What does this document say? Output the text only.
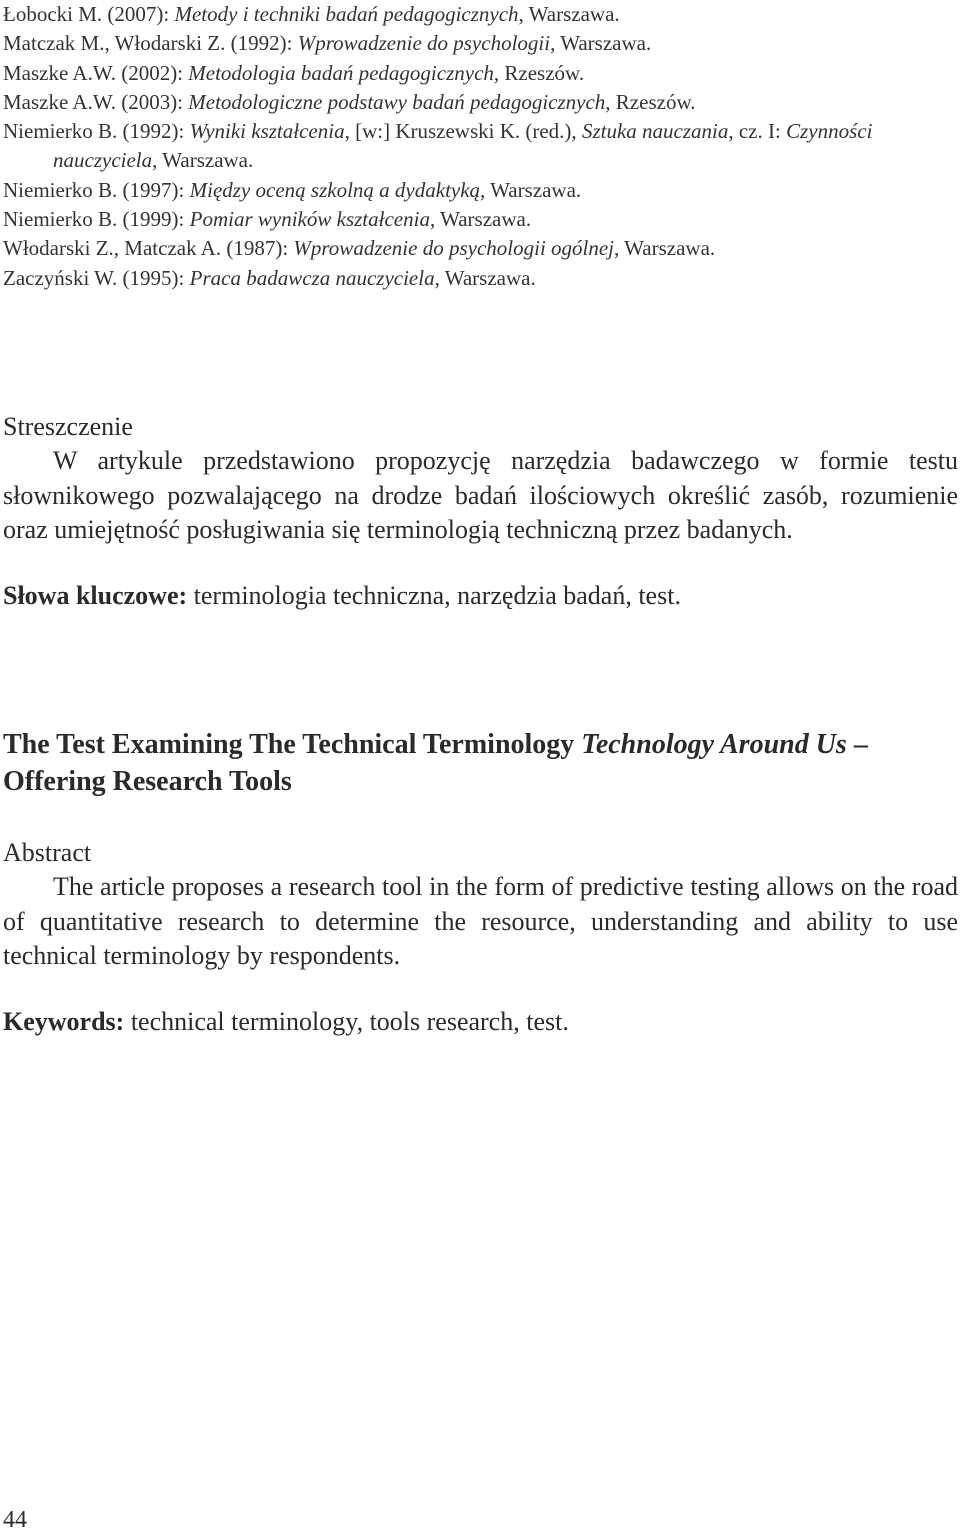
Łobocki M. (2007): Metody i techniki badań pedagogicznych, Warszawa.
Matczak M., Włodarski Z. (1992): Wprowadzenie do psychologii, Warszawa.
Maszke A.W. (2002): Metodologia badań pedagogicznych, Rzeszów.
Maszke A.W. (2003): Metodologiczne podstawy badań pedagogicznych, Rzeszów.
Niemierko B. (1992): Wyniki kształcenia, [w:] Kruszewski K. (red.), Sztuka nauczania, cz. I: Czynności nauczyciela, Warszawa.
Niemierko B. (1997): Między oceną szkolną a dydaktyką, Warszawa.
Niemierko B. (1999): Pomiar wyników kształcenia, Warszawa.
Włodarski Z., Matczak A. (1987): Wprowadzenie do psychologii ogólnej, Warszawa.
Zaczyński W. (1995): Praca badawcza nauczyciela, Warszawa.
Streszczenie

W artykule przedstawiono propozycję narzędzia badawczego w formie testu słownikowego pozwalającego na drodze badań ilościowych określić zasób, rozumienie oraz umiejętność posługiwania się terminologią techniczną przez badanych.

Słowa kluczowe: terminologia techniczna, narzędzia badań, test.
The Test Examining The Technical Terminology Technology Around Us – Offering Research Tools
Abstract

The article proposes a research tool in the form of predictive testing allows on the road of quantitative research to determine the resource, understanding and ability to use technical terminology by respondents.

Keywords: technical terminology, tools research, test.
44
